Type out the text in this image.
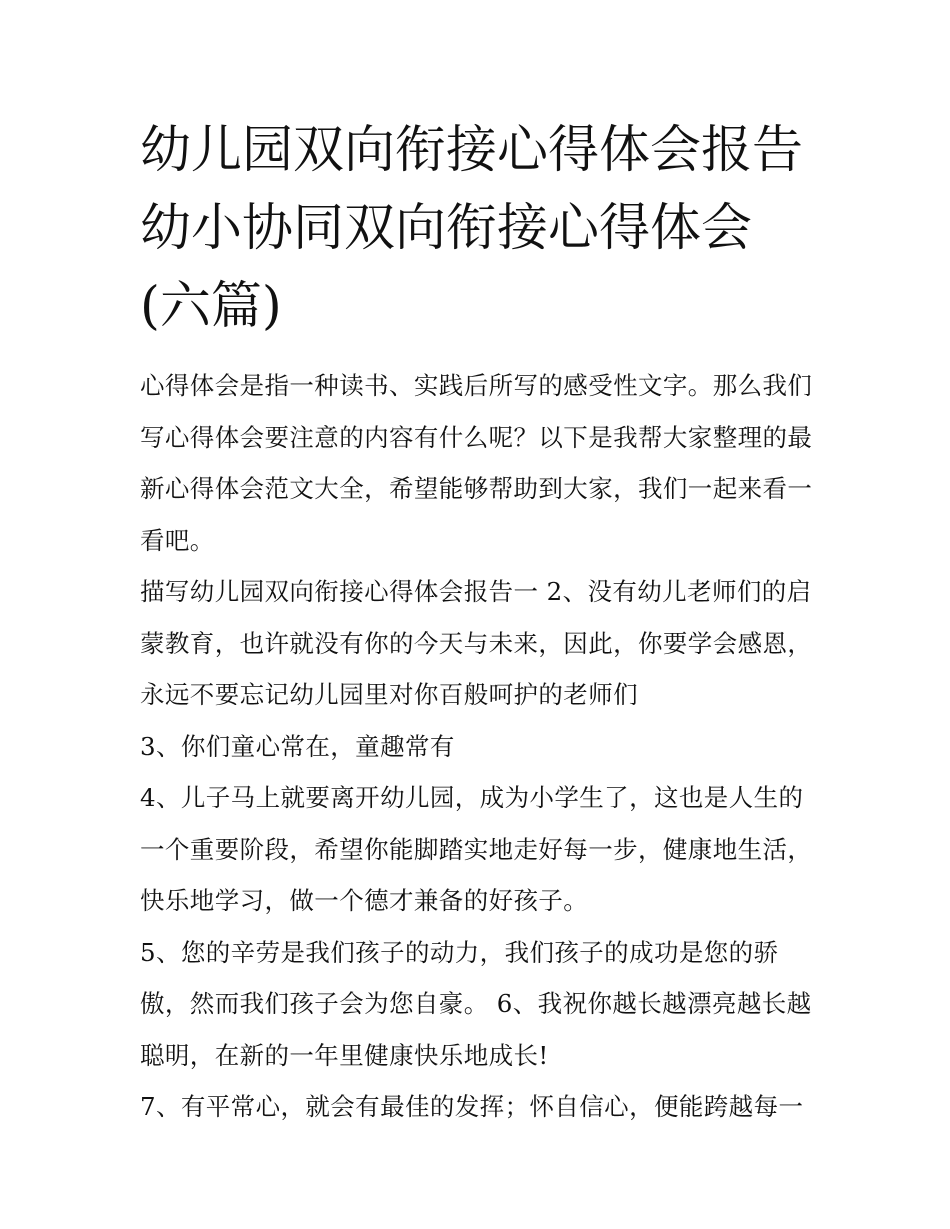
幼儿园双向衔接心得体会报告幼小协同双向衔接心得体会(六篇)

心得体会是指一种读书、实践后所写的感受性文字。那么我们写心得体会要注意的内容有什么呢？以下是我帮大家整理的最新心得体会范文大全，希望能够帮助到大家，我们一起来看一看吧。

描写幼儿园双向衔接心得体会报告一 2、没有幼儿老师们的启蒙教育，也许就没有你的今天与未来，因此，你要学会感恩，永远不要忘记幼儿园里对你百般呵护的老师们

3、你们童心常在，童趣常有

4、儿子马上就要离开幼儿园，成为小学生了，这也是人生的一个重要阶段，希望你能脚踏实地走好每一步，健康地生活，快乐地学习，做一个德才兼备的好孩子。

5、您的辛劳是我们孩子的动力，我们孩子的成功是您的骄傲，然而我们孩子会为您自豪。 6、我祝你越长越漂亮越长越聪明，在新的一年里健康快乐地成长!

7、有平常心，就会有最佳的发挥；怀自信心，便能跨越每一
